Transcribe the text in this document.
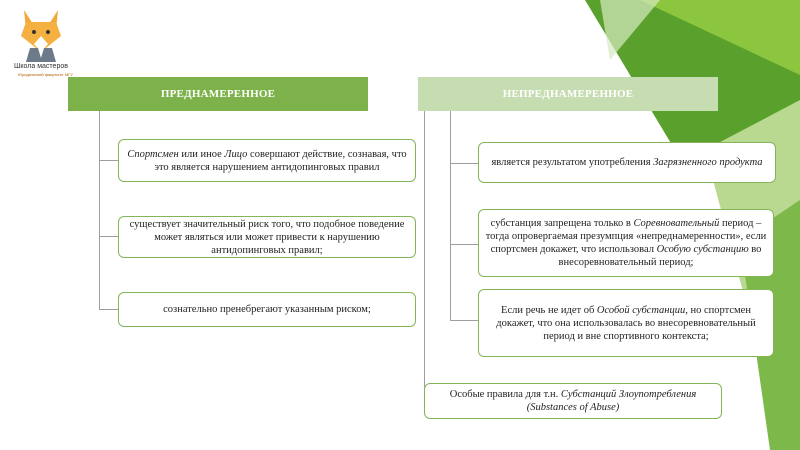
Школа мастеров
Юридический факультет МГУ
ПРЕДНАМЕРЕННОЕ	НЕПРЕДНАМЕРЕННОЕ
Спортсмен или иное Лицо совершают действие, сознавая, что это является нарушением антидопинговых правил
существует значительный риск того, что подобное поведение может являться или может привести к нарушению антидопинговых правил;
сознательно пренебрегают указанным риском;
является результатом употребления Загрязненного продукта
субстанция запрещена только в Соревновательный период – тогда опровергаемая презумпция «непреднамеренности», если спортсмен докажет, что использовал Особую субстанцию во внесоревновательный период;
Если речь не идет об Особой субстанции, но спортсмен докажет, что она использовалась во внесоревновательный период и вне спортивного контекста;
Особые правила для т.н. Субстанций Злоупотребления (Substances of Abuse)
